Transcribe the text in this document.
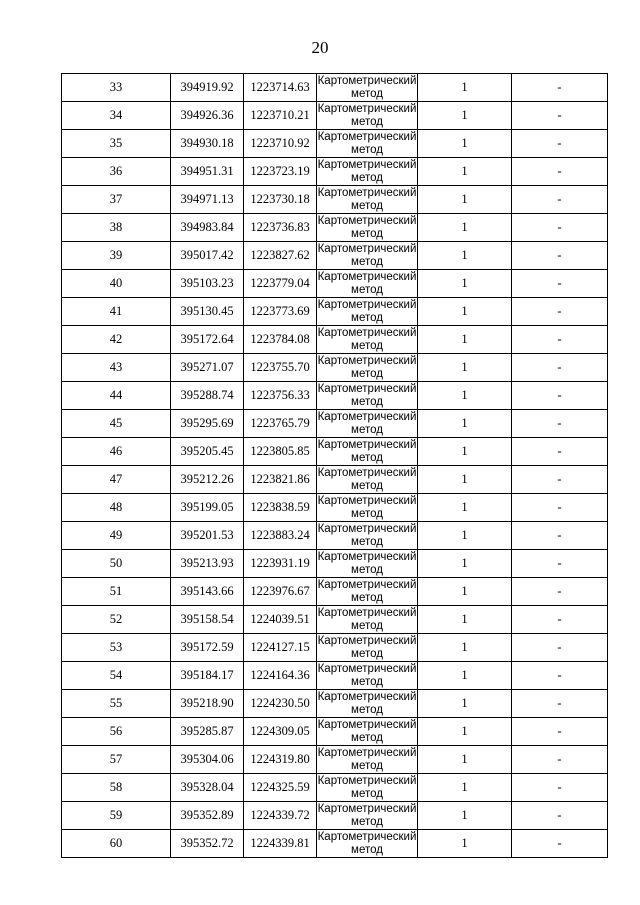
20
33	394919.92	1223714.63	Картометрический метод	1	-
34	394926.36	1223710.21	Картометрический метод	1	-
35	394930.18	1223710.92	Картометрический метод	1	-
36	394951.31	1223723.19	Картометрический метод	1	-
37	394971.13	1223730.18	Картометрический метод	1	-
38	394983.84	1223736.83	Картометрический метод	1	-
39	395017.42	1223827.62	Картометрический метод	1	-
40	395103.23	1223779.04	Картометрический метод	1	-
41	395130.45	1223773.69	Картометрический метод	1	-
42	395172.64	1223784.08	Картометрический метод	1	-
43	395271.07	1223755.70	Картометрический метод	1	-
44	395288.74	1223756.33	Картометрический метод	1	-
45	395295.69	1223765.79	Картометрический метод	1	-
46	395205.45	1223805.85	Картометрический метод	1	-
47	395212.26	1223821.86	Картометрический метод	1	-
48	395199.05	1223838.59	Картометрический метод	1	-
49	395201.53	1223883.24	Картометрический метод	1	-
50	395213.93	1223931.19	Картометрический метод	1	-
51	395143.66	1223976.67	Картометрический метод	1	-
52	395158.54	1224039.51	Картометрический метод	1	-
53	395172.59	1224127.15	Картометрический метод	1	-
54	395184.17	1224164.36	Картометрический метод	1	-
55	395218.90	1224230.50	Картометрический метод	1	-
56	395285.87	1224309.05	Картометрический метод	1	-
57	395304.06	1224319.80	Картометрический метод	1	-
58	395328.04	1224325.59	Картометрический метод	1	-
59	395352.89	1224339.72	Картометрический метод	1	-
60	395352.72	1224339.81	Картометрический метод	1	-
